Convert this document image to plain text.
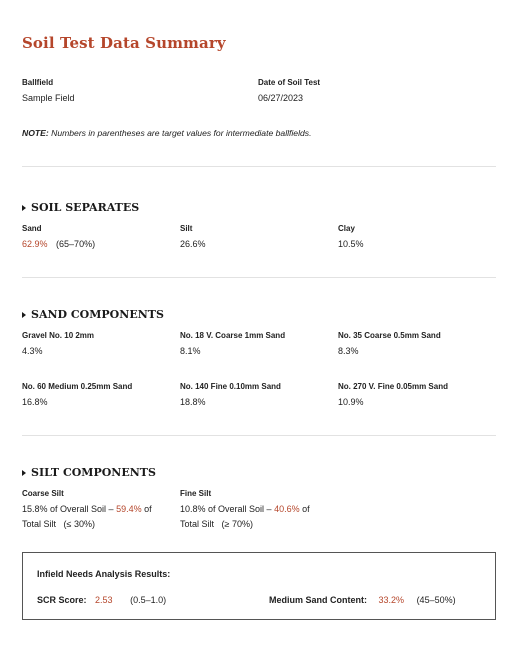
Soil Test Data Summary
Ballfield
Sample Field
Date of Soil Test
06/27/2023
NOTE: Numbers in parentheses are target values for intermediate ballfields.
SOIL SEPARATES
Sand
62.9% (65–70%)
Silt
26.6%
Clay
10.5%
SAND COMPONENTS
Gravel No. 10 2mm
4.3%
No. 18 V. Coarse 1mm Sand
8.1%
No. 35 Coarse 0.5mm Sand
8.3%
No. 60 Medium 0.25mm Sand
16.8%
No. 140 Fine 0.10mm Sand
18.8%
No. 270 V. Fine 0.05mm Sand
10.9%
SILT COMPONENTS
Coarse Silt
15.8% of Overall Soil – 59.4% of
Total Silt   (≤ 30%)
Fine Silt
10.8% of Overall Soil – 40.6% of
Total Silt   (≥ 70%)
Infield Needs Analysis Results:
SCR Score: 2.53 (0.5–1.0)	Medium Sand Content: 33.2% (45–50%)
